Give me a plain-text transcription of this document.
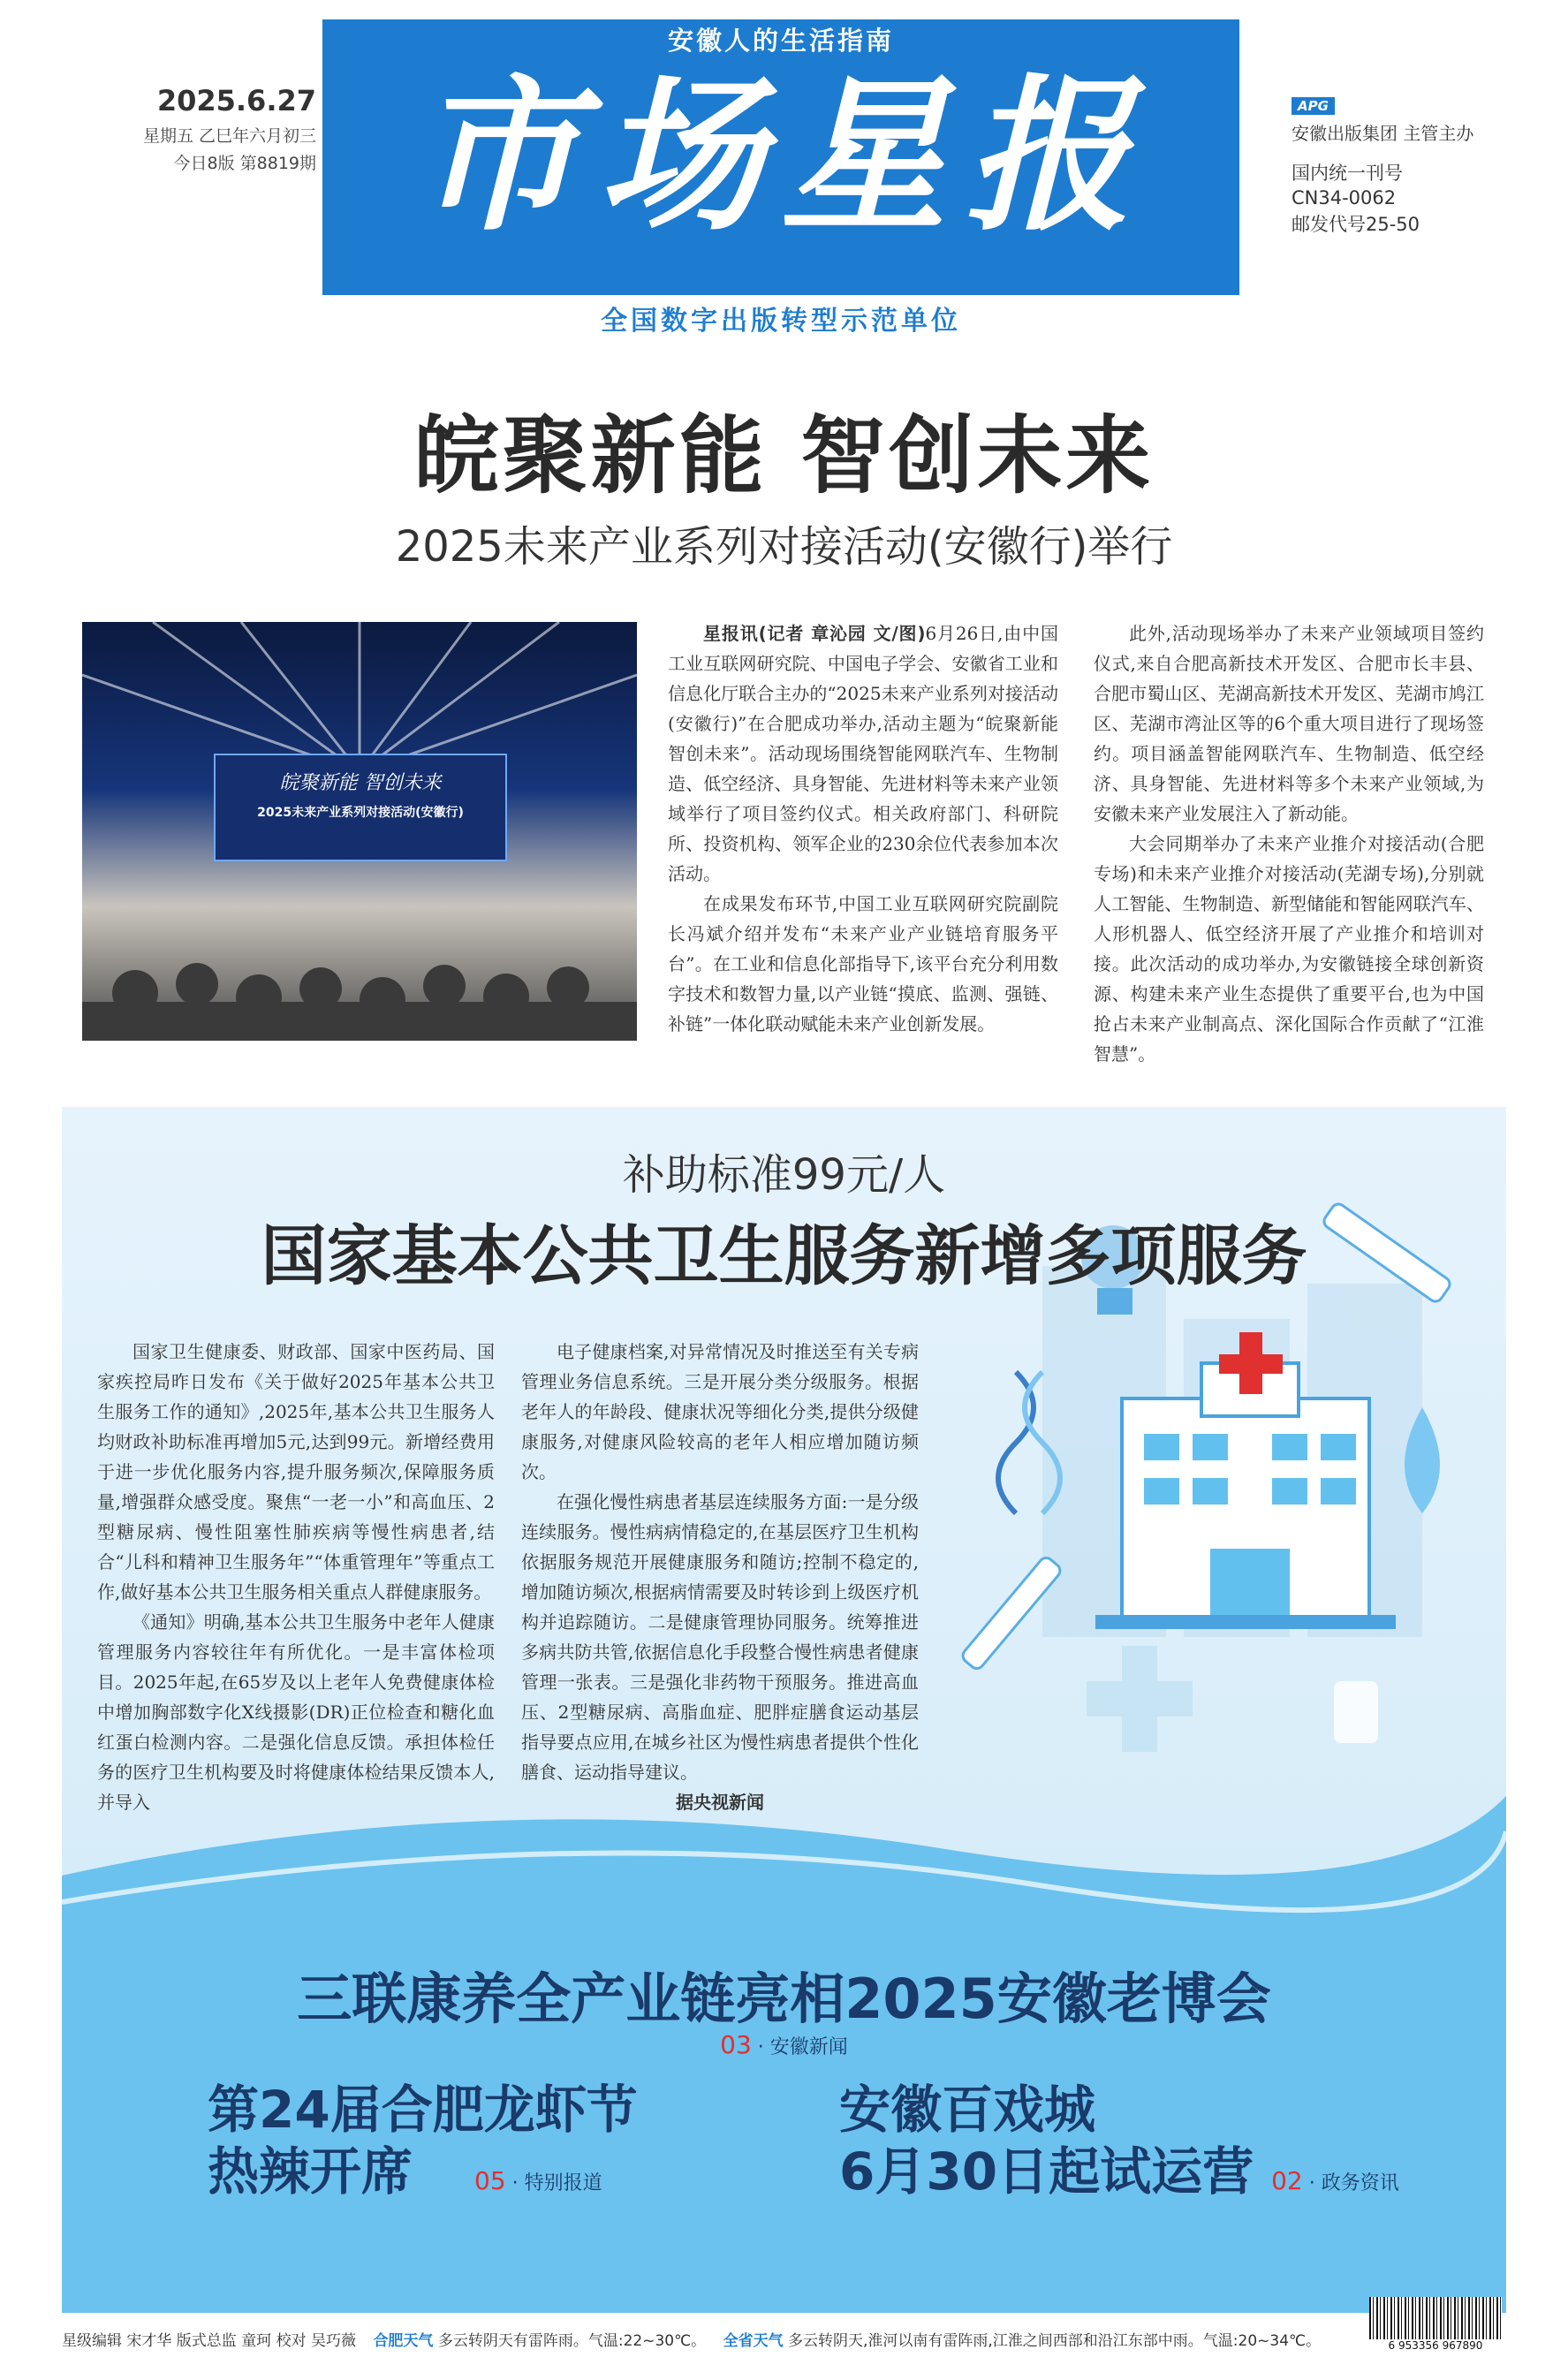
2025.6.27
星期五 乙巳年六月初三
今日8版 第8819期
安徽人的生活指南
市场星报
全国数字出版转型示范单位
APG
安徽出版集团 主管主办
国内统一刊号
CN34-0062
邮发代号25-50
皖聚新能 智创未来
2025未来产业系列对接活动(安徽行)举行
皖聚新能 智创未来
2025未来产业系列对接活动(安徽行)

星报讯(记者 章沁园 文/图)6月26日,由中国工业互联网研究院、中国电子学会、安徽省工业和信息化厅联合主办的“2025未来产业系列对接活动(安徽行)”在合肥成功举办,活动主题为“皖聚新能 智创未来”。活动现场围绕智能网联汽车、生物制造、低空经济、具身智能、先进材料等未来产业领域举行了项目签约仪式。相关政府部门、科研院所、投资机构、领军企业的230余位代表参加本次活动。

在成果发布环节,中国工业互联网研究院副院长冯斌介绍并发布“未来产业产业链培育服务平台”。在工业和信息化部指导下,该平台充分利用数字技术和数智力量,以产业链“摸底、监测、强链、补链”一体化联动赋能未来产业创新发展。

此外,活动现场举办了未来产业领域项目签约仪式,来自合肥高新技术开发区、合肥市长丰县、合肥市蜀山区、芜湖高新技术开发区、芜湖市鸠江区、芜湖市湾沚区等的6个重大项目进行了现场签约。项目涵盖智能网联汽车、生物制造、低空经济、具身智能、先进材料等多个未来产业领域,为安徽未来产业发展注入了新动能。

大会同期举办了未来产业推介对接活动(合肥专场)和未来产业推介对接活动(芜湖专场),分别就人工智能、生物制造、新型储能和智能网联汽车、人形机器人、低空经济开展了产业推介和培训对接。此次活动的成功举办,为安徽链接全球创新资源、构建未来产业生态提供了重要平台,也为中国抢占未来产业制高点、深化国际合作贡献了“江淮智慧”。

补助标准99元/人
国家基本公共卫生服务新增多项服务

国家卫生健康委、财政部、国家中医药局、国家疾控局昨日发布《关于做好2025年基本公共卫生服务工作的通知》,2025年,基本公共卫生服务人均财政补助标准再增加5元,达到99元。新增经费用于进一步优化服务内容,提升服务频次,保障服务质量,增强群众感受度。聚焦“一老一小”和高血压、2型糖尿病、慢性阻塞性肺疾病等慢性病患者,结合“儿科和精神卫生服务年”“体重管理年”等重点工作,做好基本公共卫生服务相关重点人群健康服务。

《通知》明确,基本公共卫生服务中老年人健康管理服务内容较往年有所优化。一是丰富体检项目。2025年起,在65岁及以上老年人免费健康体检中增加胸部数字化X线摄影(DR)正位检查和糖化血红蛋白检测内容。二是强化信息反馈。承担体检任务的医疗卫生机构要及时将健康体检结果反馈本人,并导入

电子健康档案,对异常情况及时推送至有关专病管理业务信息系统。三是开展分类分级服务。根据老年人的年龄段、健康状况等细化分类,提供分级健康服务,对健康风险较高的老年人相应增加随访频次。

在强化慢性病患者基层连续服务方面:一是分级连续服务。慢性病病情稳定的,在基层医疗卫生机构依据服务规范开展健康服务和随访;控制不稳定的,增加随访频次,根据病情需要及时转诊到上级医疗机构并追踪随访。二是健康管理协同服务。统筹推进多病共防共管,依据信息化手段整合慢性病患者健康管理一张表。三是强化非药物干预服务。推进高血压、2型糖尿病、高脂血症、肥胖症膳食运动基层指导要点应用,在城乡社区为慢性病患者提供个性化膳食、运动指导建议。

据央视新闻
三联康养全产业链亮相2025安徽老博会
03 · 安徽新闻
第24届合肥龙虾节
热辣开席	05 · 特别报道
安徽百戏城
6月30日起试运营 02 · 政务资讯
星级编辑 宋才华 版式总监 童珂 校对 吴巧薇 合肥天气 多云转阴天有雷阵雨。气温:22~30℃。 全省天气 多云转阴天,淮河以南有雷阵雨,江淮之间西部和沿江东部中雨。气温:20~34℃。	6 953356 967890
